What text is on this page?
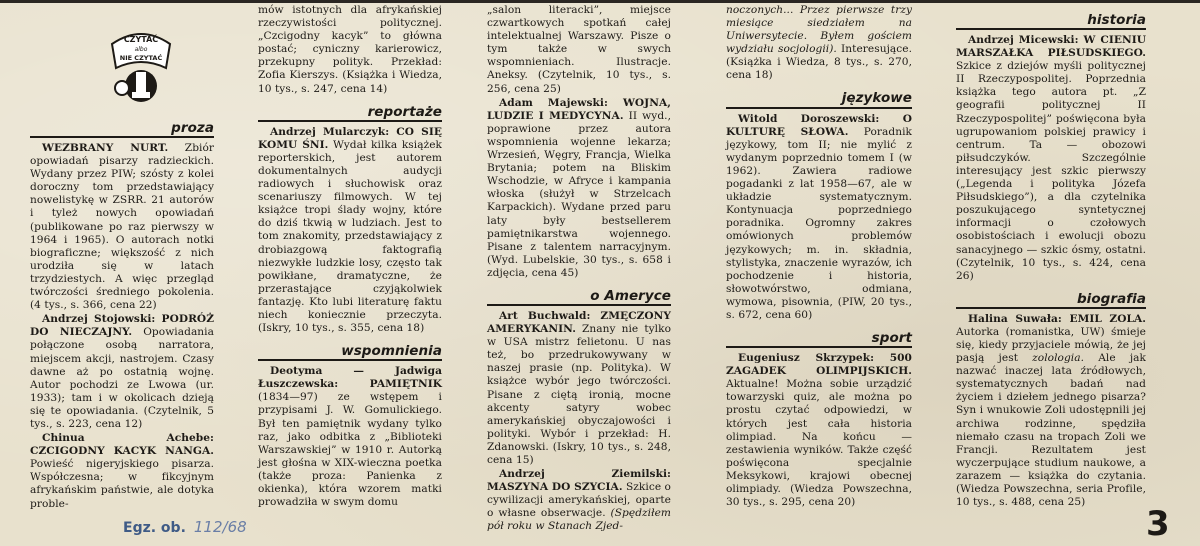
CZYTAĆ
albo
NIE CZYTAĆ
proza

WEZBRANY NURT. Zbiór opowiadań pisarzy radzieckich. Wydany przez PIW; szósty z kolei doroczny tom przedstawiający nowelistykę w ZSRR. 21 autorów i tyleż nowych opowiadań (publikowane po raz pierwszy w 1964 i 1965). O autorach notki biograficzne; większość z nich urodziła się w latach trzydziestych. A więc przegląd twórczości średniego pokolenia. (4 tys., s. 366, cena 22)

Andrzej Stojowski: PODRÓŻ DO NIECZAJNY. Opowiadania połączone osobą narratora, miejscem akcji, nastrojem. Czasy dawne aż po ostatnią wojnę. Autor pochodzi ze Lwowa (ur. 1933); tam i w okolicach dzieją się te opowiadania. (Czytelnik, 5 tys., s. 223, cena 12)

Chinua Achebe: CZCIGODNY KACYK NANGA. Powieść nigeryjskiego pisarza. Współczesna; w fikcyjnym afrykańskim państwie, ale dotyka proble-

mów istotnych dla afrykańskiej rzeczywistości politycznej. „Czcigodny kacyk” to główna postać; cyniczny karierowicz, przekupny polityk. Przekład: Zofia Kierszys. (Książka i Wiedza, 10 tys., s. 247, cena 14)

reportaże

Andrzej Mularczyk: CO SIĘ KOMU ŚNI. Wydał kilka książek reporterskich, jest autorem dokumentalnych audycji radiowych i słuchowisk oraz scenariuszy filmowych. W tej książce tropi ślady wojny, które do dziś tkwią w ludziach. Jest to tom znakomity, przedstawiający z drobiazgową faktografią niezwykłe ludzkie losy, często tak powikłane, dramatyczne, że przerastające czyjąkolwiek fantazję. Kto lubi literaturę faktu niech koniecznie przeczyta. (Iskry, 10 tys., s. 355, cena 18)

wspomnienia

Deotyma — Jadwiga Łuszczewska: PAMIĘTNIK (1834—97) ze wstępem i przypisami J. W. Gomulickiego. Był ten pamiętnik wydany tylko raz, jako odbitka z „Biblioteki Warszawskiej” w 1910 r. Autorką jest głośna w XIX-wieczna poetka (także proza: Panienka z okienka), która wzorem matki prowadziła w swym domu

„salon literacki”, miejsce czwartkowych spotkań całej intelektualnej Warszawy. Pisze o tym także w swych wspomnieniach. Ilustracje. Aneksy. (Czytelnik, 10 tys., s. 256, cena 25)

Adam Majewski: WOJNA, LUDZIE I MEDYCYNA. II wyd., poprawione przez autora wspomnienia wojenne lekarza; Wrzesień, Węgry, Francja, Wielka Brytania; potem na Bliskim Wschodzie, w Afryce i kampania włoska (służył w Strzelcach Karpackich). Wydane przed paru laty były bestsellerem pamiętnikarstwa wojennego. Pisane z talentem narracyjnym. (Wyd. Lubelskie, 30 tys., s. 658 i zdjęcia, cena 45)

o Ameryce

Art Buchwald: ZMĘCZONY AMERYKANIN. Znany nie tylko w USA mistrz felietonu. U nas też, bo przedrukowywany w naszej prasie (np. Polityka). W książce wybór jego twórczości. Pisane z ciętą ironią, mocne akcenty satyry wobec amerykańskiej obyczajowości i polityki. Wybór i przekład: H. Zdanowski. (Iskry, 10 tys., s. 248, cena 15)

Andrzej Ziemilski: MASZYNA DO SZYCIA. Szkice o cywilizacji amerykańskiej, oparte o własne obserwacje. (Spędziłem pół roku w Stanach Zjed-

noczonych... Przez pierwsze trzy miesiące siedziałem na Uniwersytecie. Byłem gościem wydziału socjologii). Interesujące. (Książka i Wiedza, 8 tys., s. 270, cena 18)

językowe

Witold Doroszewski: O KULTURĘ SŁOWA. Poradnik językowy, tom II; nie mylić z wydanym poprzednio tomem I (w 1962). Zawiera radiowe pogadanki z lat 1958—67, ale w układzie systematycznym. Kontynuacja poprzedniego poradnika. Ogromny zakres omówionych problemów językowych; m. in. składnia, stylistyka, znaczenie wyrazów, ich pochodzenie i historia, słowotwórstwo, odmiana, wymowa, pisownia, (PIW, 20 tys., s. 672, cena 60)

sport

Eugeniusz Skrzypek: 500 ZAGADEK OLIMPIJSKICH. Aktualne! Można sobie urządzić towarzyski quiz, ale można po prostu czytać odpowiedzi, w których jest cała historia olimpiad. Na końcu — zestawienia wyników. Także część poświęcona specjalnie Meksykowi, krajowi obecnej olimpiady. (Wiedza Powszechna, 30 tys., s. 295, cena 20)

historia

Andrzej Micewski: W CIENIU MARSZAŁKA PIŁSUDSKIEGO. Szkice z dziejów myśli politycznej II Rzeczypospolitej. Poprzednia książka tego autora pt. „Z geografii politycznej II Rzeczypospolitej” poświęcona była ugrupowaniom polskiej prawicy i centrum. Ta — obozowi piłsudczyków. Szczególnie interesujący jest szkic pierwszy („Legenda i polityka Józefa Piłsudskiego”), a dla czytelnika poszukującego syntetycznej informacji o czołowych osobistościach i ewolucji obozu sanacyjnego — szkic ósmy, ostatni. (Czytelnik, 10 tys., s. 424, cena 26)

biografia

Halina Suwała: EMIL ZOLA. Autorka (romanistka, UW) śmieje się, kiedy przyjaciele mówią, że jej pasją jest zolologia. Ale jak nazwać inaczej lata źródłowych, systematycznych badań nad życiem i dziełem jednego pisarza? Syn i wnukowie Zoli udostępnili jej archiwa rodzinne, spędziła niemało czasu na tropach Zoli we Francji. Rezultatem jest wyczerpujące studium naukowe, a zarazem — książka do czytania. (Wiedza Powszechna, seria Profile, 10 tys., s. 488, cena 25)

Egz. ob. 112/68	3
